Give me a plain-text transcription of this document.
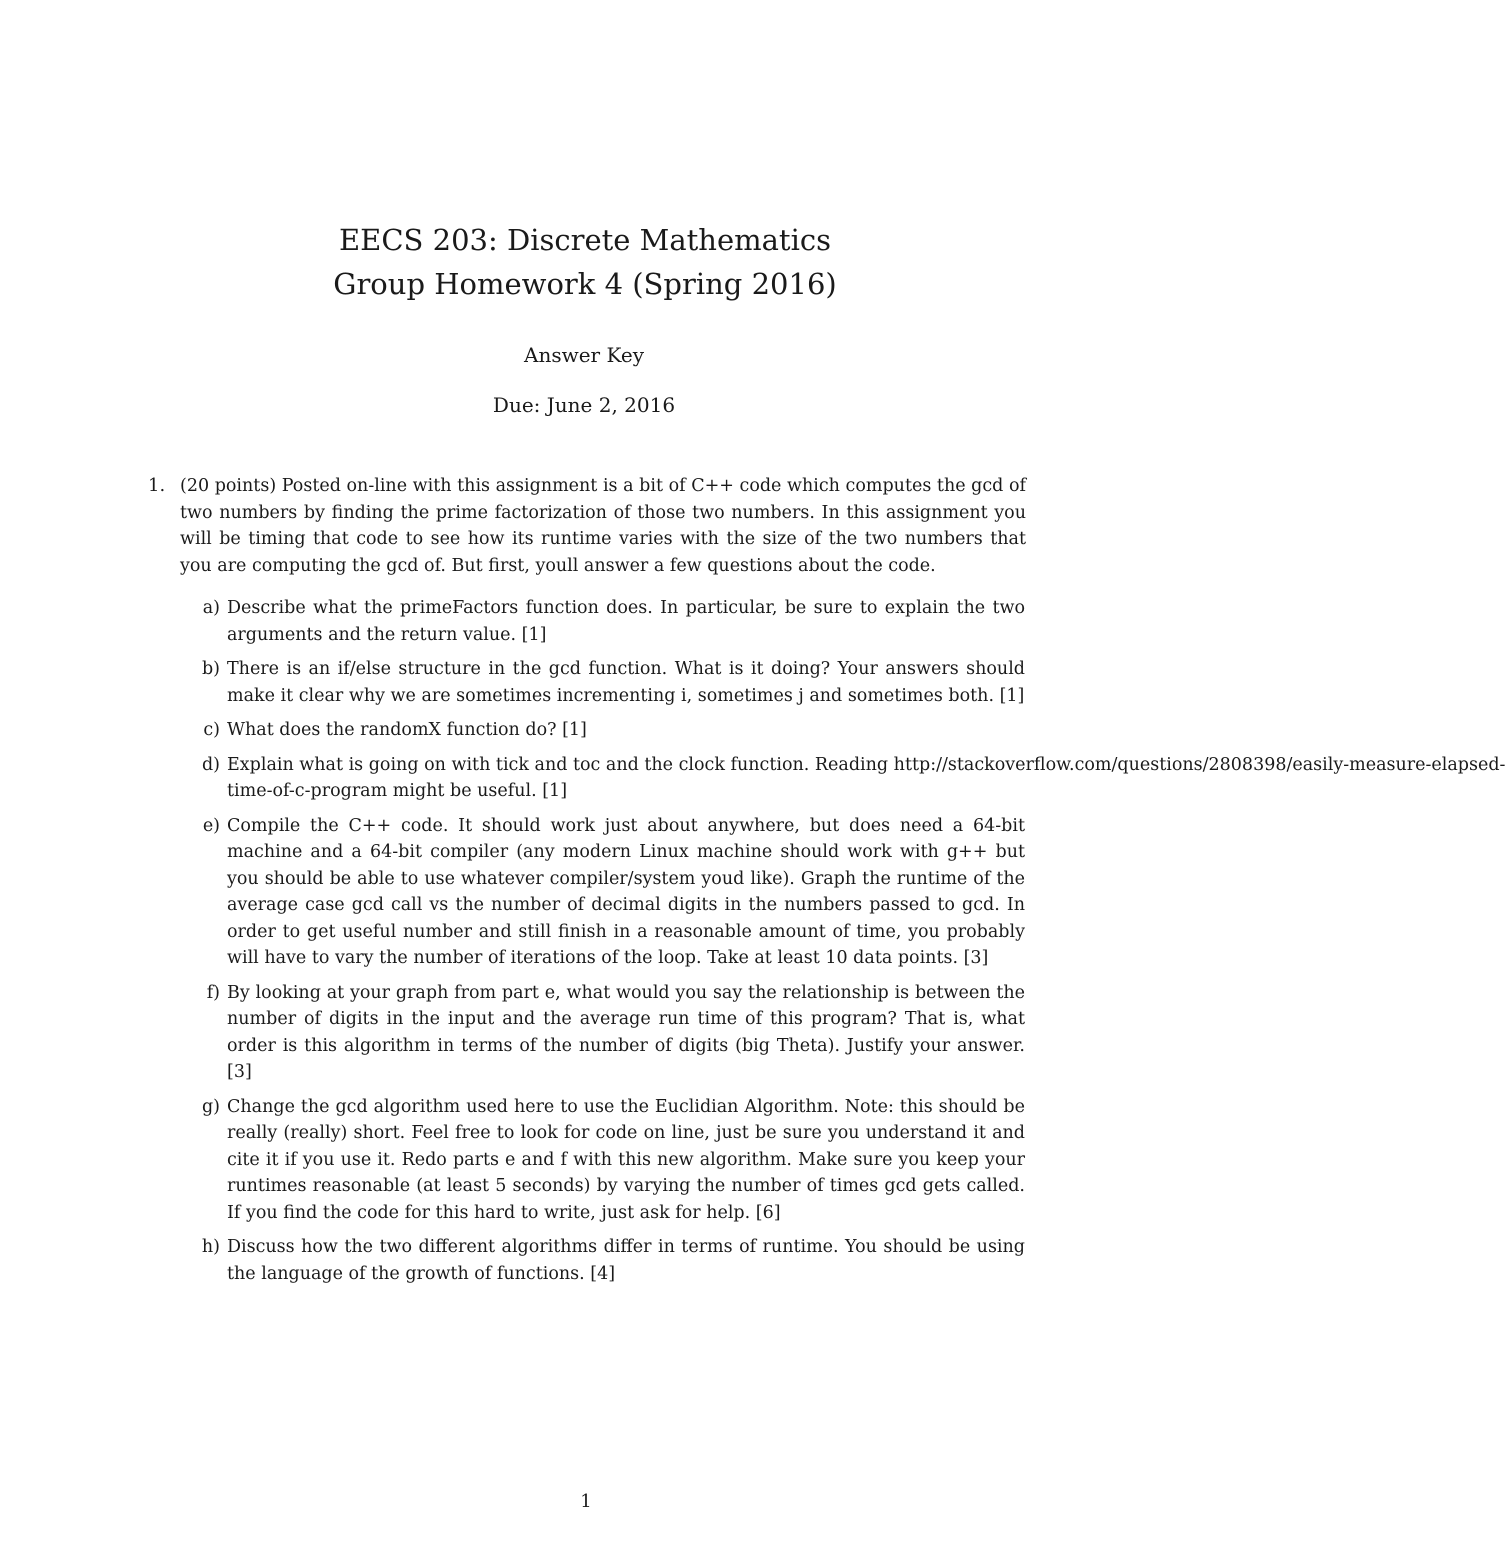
EECS 203: Discrete Mathematics
Group Homework 4 (Spring 2016)
Answer Key
Due: June 2, 2016
1. (20 points) Posted on-line with this assignment is a bit of C++ code which computes the gcd of two numbers by finding the prime factorization of those two numbers. In this assignment you will be timing that code to see how its runtime varies with the size of the two numbers that you are computing the gcd of. But first, youll answer a few questions about the code.
a) Describe what the primeFactors function does. In particular, be sure to explain the two arguments and the return value. [1]
b) There is an if/else structure in the gcd function. What is it doing? Your answers should make it clear why we are sometimes incrementing i, sometimes j and sometimes both. [1]
c) What does the randomX function do? [1]
d) Explain what is going on with tick and toc and the clock function. Reading http://stackoverflow.com/questions/2808398/easily-measure-elapsed-
time-of-c-program might be useful. [1]
e) Compile the C++ code. It should work just about anywhere, but does need a 64-bit machine and a 64-bit compiler (any modern Linux machine should work with g++ but you should be able to use whatever compiler/system youd like). Graph the runtime of the average case gcd call vs the number of decimal digits in the numbers passed to gcd. In order to get useful number and still finish in a reasonable amount of time, you probably will have to vary the number of iterations of the loop. Take at least 10 data points. [3]
f) By looking at your graph from part e, what would you say the relationship is between the number of digits in the input and the average run time of this program? That is, what order is this algorithm in terms of the number of digits (big Theta). Justify your answer. [3]
g) Change the gcd algorithm used here to use the Euclidian Algorithm. Note: this should be really (really) short. Feel free to look for code on line, just be sure you understand it and cite it if you use it. Redo parts e and f with this new algorithm. Make sure you keep your runtimes reasonable (at least 5 seconds) by varying the number of times gcd gets called. If you find the code for this hard to write, just ask for help. [6]
h) Discuss how the two different algorithms differ in terms of runtime. You should be using the language of the growth of functions. [4]
1
